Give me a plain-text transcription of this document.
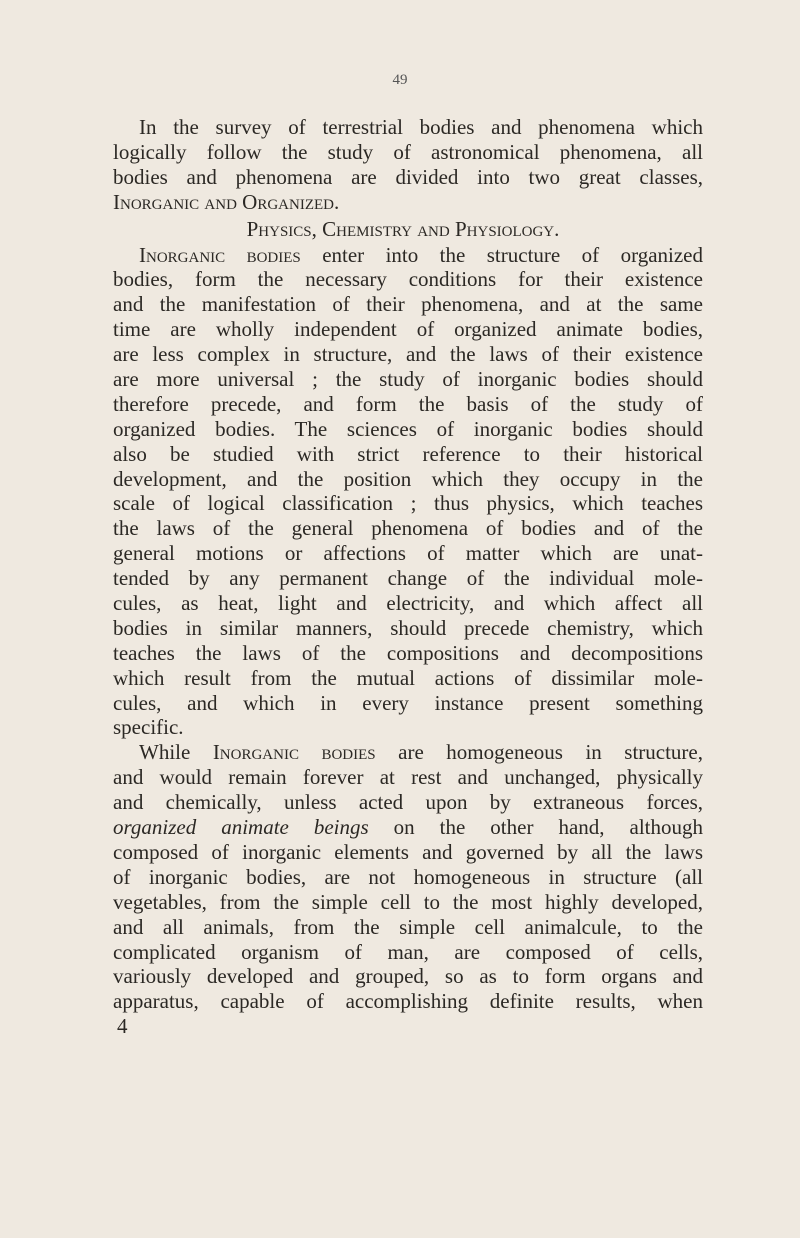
49
In the survey of terrestrial bodies and phenomena which
logically follow the study of astronomical phenomena, all
bodies and phenomena are divided into two great classes,
Inorganic and Organized.
Physics, Chemistry and Physiology.
Inorganic bodies enter into the structure of organized
bodies, form the necessary conditions for their existence
and the manifestation of their phenomena, and at the same
time are wholly independent of organized animate bodies,
are less complex in structure, and the laws of their existence
are more universal ; the study of inorganic bodies should
therefore precede, and form the basis of the study of
organized bodies. The sciences of inorganic bodies should
also be studied with strict reference to their historical
development, and the position which they occupy in the
scale of logical classification ; thus physics, which teaches
the laws of the general phenomena of bodies and of the
general motions or affections of matter which are unat-
tended by any permanent change of the individual mole-
cules, as heat, light and electricity, and which affect all
bodies in similar manners, should precede chemistry, which
teaches the laws of the compositions and decompositions
which result from the mutual actions of dissimilar mole-
cules, and which in every instance present something
specific.
While Inorganic bodies are homogeneous in structure,
and would remain forever at rest and unchanged, physically
and chemically, unless acted upon by extraneous forces,
organized animate beings on the other hand, although
composed of inorganic elements and governed by all the laws
of inorganic bodies, are not homogeneous in structure (all
vegetables, from the simple cell to the most highly developed,
and all animals, from the simple cell animalcule, to the
complicated organism of man, are composed of cells,
variously developed and grouped, so as to form organs and
apparatus, capable of accomplishing definite results, when
4
